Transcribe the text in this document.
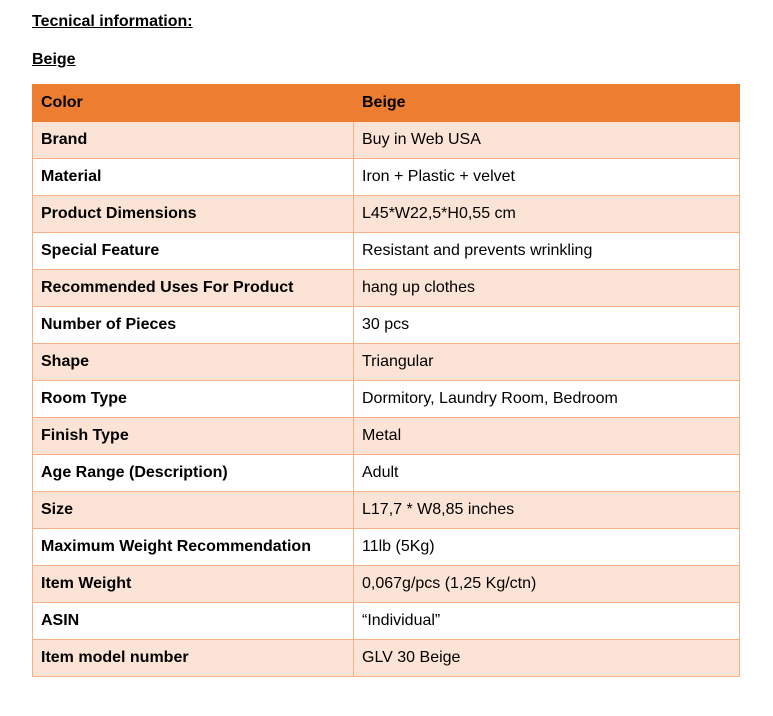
Tecnical information:
Beige
Color	Beige
Brand	Buy in Web USA
Material	Iron + Plastic + velvet
Product Dimensions	L45*W22,5*H0,55 cm
Special Feature	Resistant and prevents wrinkling
Recommended Uses For Product	hang up clothes
Number of Pieces	30 pcs
Shape	Triangular
Room Type	Dormitory, Laundry Room, Bedroom
Finish Type	Metal
Age Range (Description)	Adult
Size	L17,7 * W8,85 inches
Maximum Weight Recommendation	11lb (5Kg)
Item Weight	0,067g/pcs (1,25 Kg/ctn)
ASIN	“Individual”
Item model number	GLV 30 Beige
